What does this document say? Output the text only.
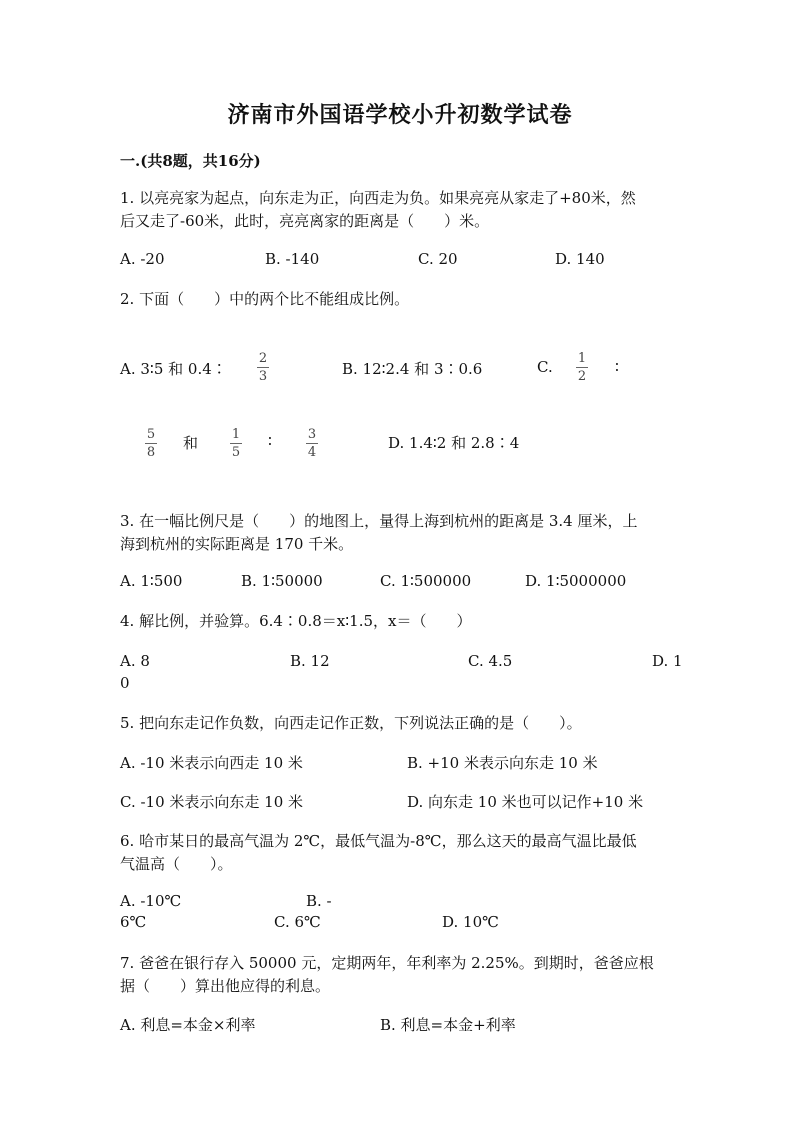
济南市外国语学校小升初数学试卷
一.(共8题，共16分)
1. 以亮亮家为起点，向东走为正，向西走为负。如果亮亮从家走了+80米，然
后又走了-60米，此时，亮亮离家的距离是（　　）米。
A. -20	B. -140	C. 20	D. 140
2. 下面（　　）中的两个比不能组成比例。
A. 3∶5 和 0.4∶
2
3	B. 12∶2.4 和 3∶0.6	C. 1
2
∶
5
8
和	1
5
∶	3
4
D. 1.4∶2 和 2.8∶4
3. 在一幅比例尺是（　　）的地图上，量得上海到杭州的距离是 3.4 厘米，上
海到杭州的实际距离是 170 千米。
A. 1∶500	B. 1∶50000	C. 1∶500000	D. 1∶5000000
4. 解比例，并验算。6.4∶0.8＝x∶1.5，x＝（　　）
A. 8	B. 12	C. 4.5	D. 1
0
5. 把向东走记作负数，向西走记作正数，下列说法正确的是（　　）。
A. -10 米表示向西走 10 米	B. +10 米表示向东走 10 米
C. -10 米表示向东走 10 米	D. 向东走 10 米也可以记作+10 米
6. 哈市某日的最高气温为 2℃，最低气温为-8℃，那么这天的最高气温比最低
气温高（　　）。
A. -10℃	B. -
6℃	C. 6℃	D. 10℃
7. 爸爸在银行存入 50000 元，定期两年，年利率为 2.25%。到期时，爸爸应根
据（　　）算出他应得的利息。
A. 利息=本金×利率	B. 利息=本金+利率
